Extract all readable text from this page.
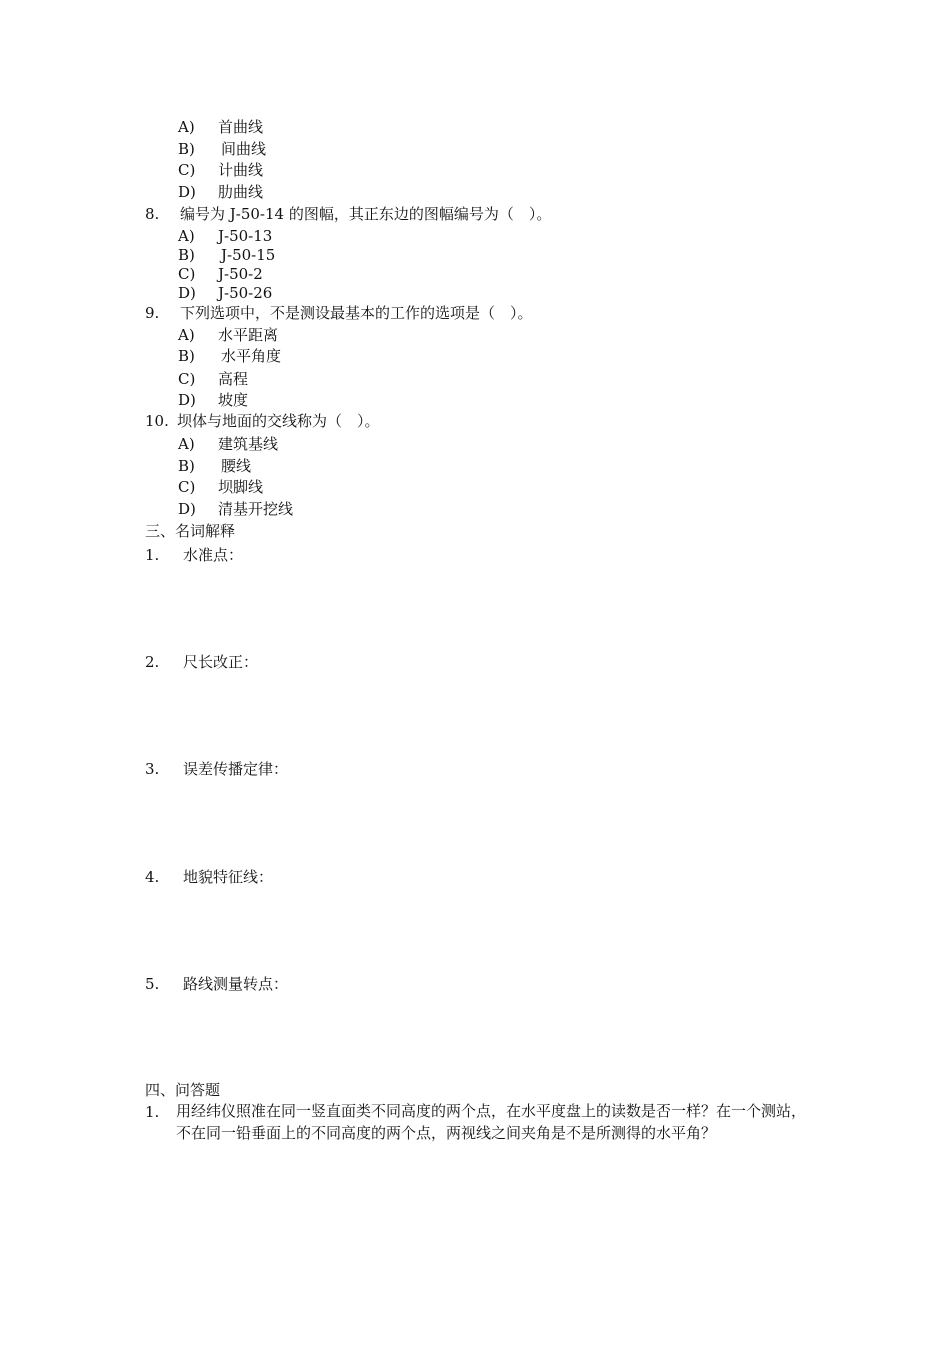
A) 首曲线
B) 间曲线
C) 计曲线
D) 肋曲线
8. 编号为 J-50-14 的图幅，其正东边的图幅编号为（　）。
A) J-50-13
B) J-50-15
C) J-50-2
D) J-50-26
9. 下列选项中，不是测设最基本的工作的选项是（　）。
A) 水平距离
B) 水平角度
C) 高程
D) 坡度
10. 坝体与地面的交线称为（　）。
A) 建筑基线
B) 腰线
C) 坝脚线
D) 清基开挖线
三、名词解释
1. 水准点：
2. 尺长改正：
3. 误差传播定律：
4. 地貌特征线：
5. 路线测量转点：
四、问答题
1. 用经纬仪照准在同一竖直面类不同高度的两个点，在水平度盘上的读数是否一样？在一个测站，不在同一铅垂面上的不同高度的两个点，两视线之间夹角是不是所测得的水平角？
